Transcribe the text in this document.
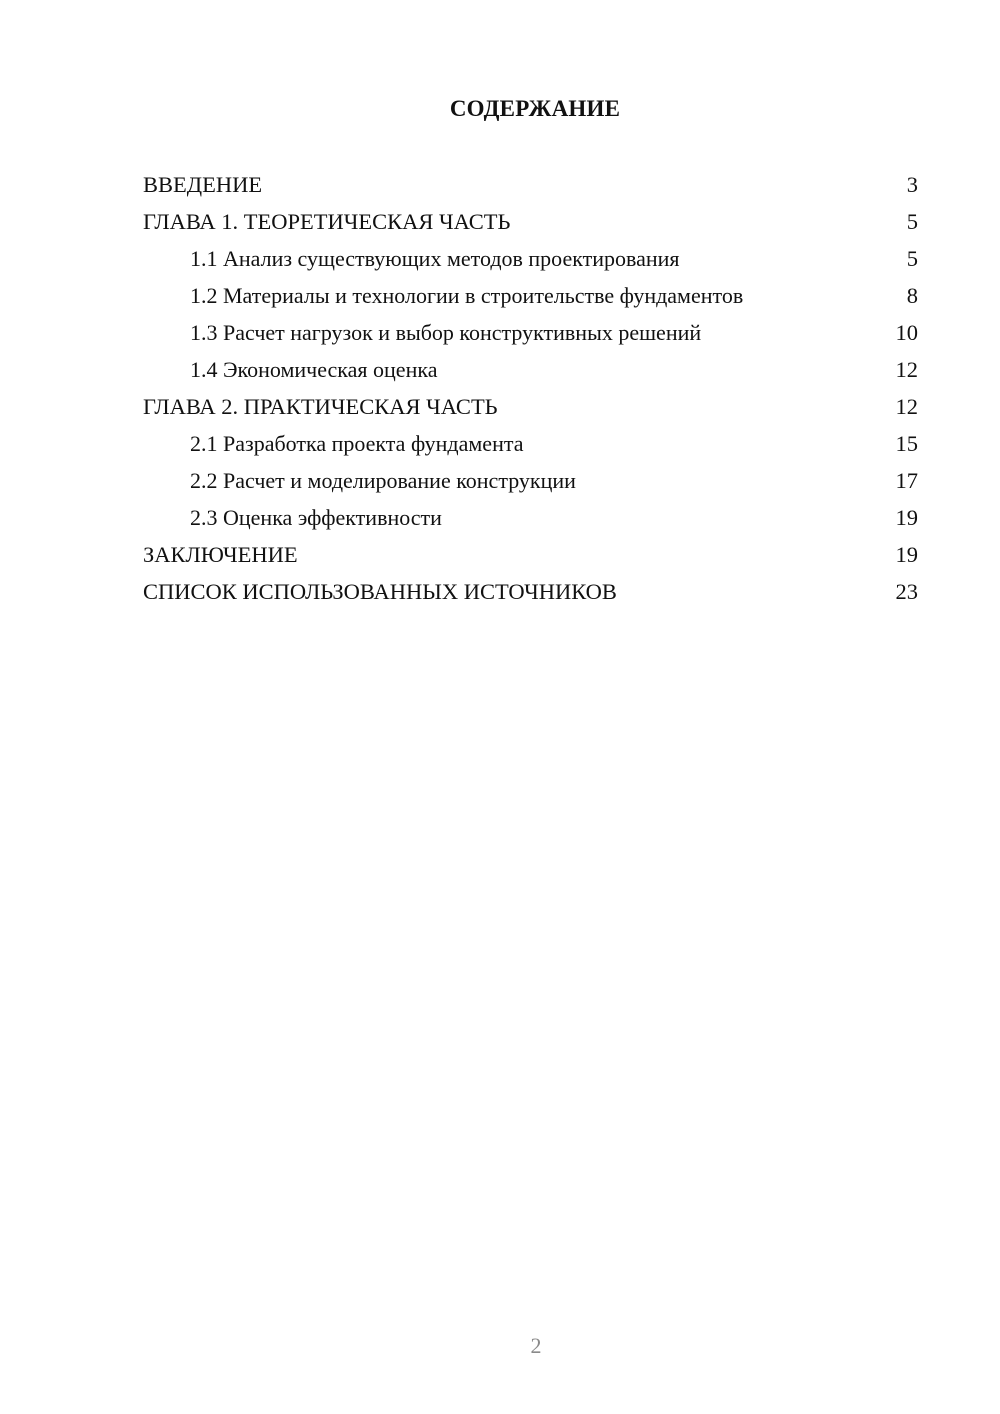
СОДЕРЖАНИЕ
ВВЕДЕНИЕ	3
ГЛАВА 1. ТЕОРЕТИЧЕСКАЯ ЧАСТЬ	5
1.1 Анализ существующих методов проектирования	5
1.2 Материалы и технологии в строительстве фундаментов	8
1.3 Расчет нагрузок и выбор конструктивных решений	10
1.4 Экономическая оценка	12
ГЛАВА 2. ПРАКТИЧЕСКАЯ ЧАСТЬ	12
2.1 Разработка проекта фундамента	15
2.2 Расчет и моделирование конструкции	17
2.3 Оценка эффективности	19
ЗАКЛЮЧЕНИЕ	19
СПИСОК ИСПОЛЬЗОВАННЫХ ИСТОЧНИКОВ	23
2
